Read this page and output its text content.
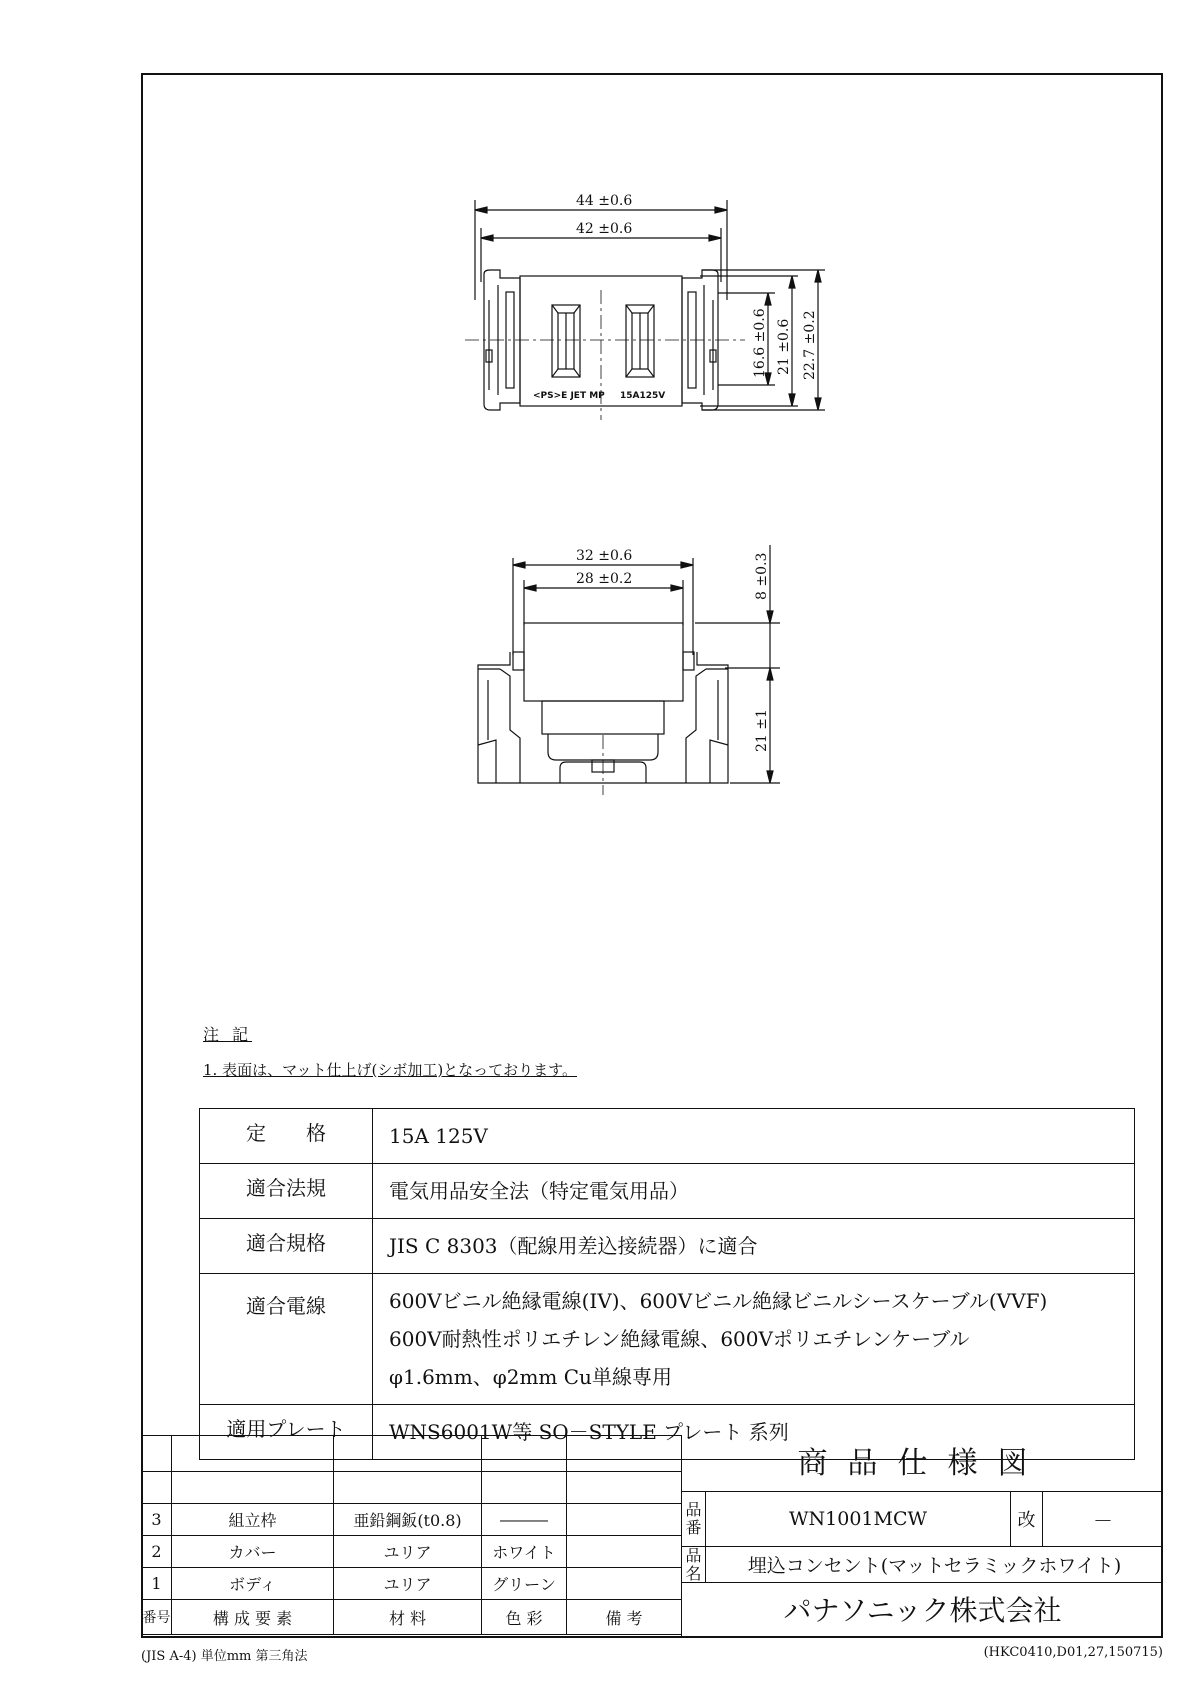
44 ±0.6
42 ±0.6
16.6 ±0.6 21 ±0.6 22.7 ±0.2
<PS>E JET MP 15A125V
32 ±0.6
28 ±0.2	8 ±0.3
21 ±1
注 記
1. 表面は、マット仕上げ(シボ加工)となっております。
定　　格	15A 125V
適合法規	電気用品安全法（特定電気用品）
適合規格	JIS C 8303（配線用差込接続器）に適合
適合電線	600Vビニル絶縁電線(IV)、600Vビニル絶縁ビニルシースケーブル(VVF)
600V耐熱性ポリエチレン絶縁電線、600Vポリエチレンケーブル
φ1.6mm、φ2mm Cu単線専用

適用プレート	WNS6001W等 SO－STYLE プレート 系列

3	組立枠	亜鉛鋼鈑(t0.8)	―――	
2	カバー	ユリア	ホワイト	
1	ボディ	ユリア	グリーン	
番号	構 成 要 素	材 料	色 彩	備 考
商品仕様図
品番	WN1001MCW	改	－
品名	埋込コンセント(マットセラミックホワイト)
パナソニック株式会社
(JIS A-4) 単位mm 第三角法	(HKC0410,D01,27,150715)
